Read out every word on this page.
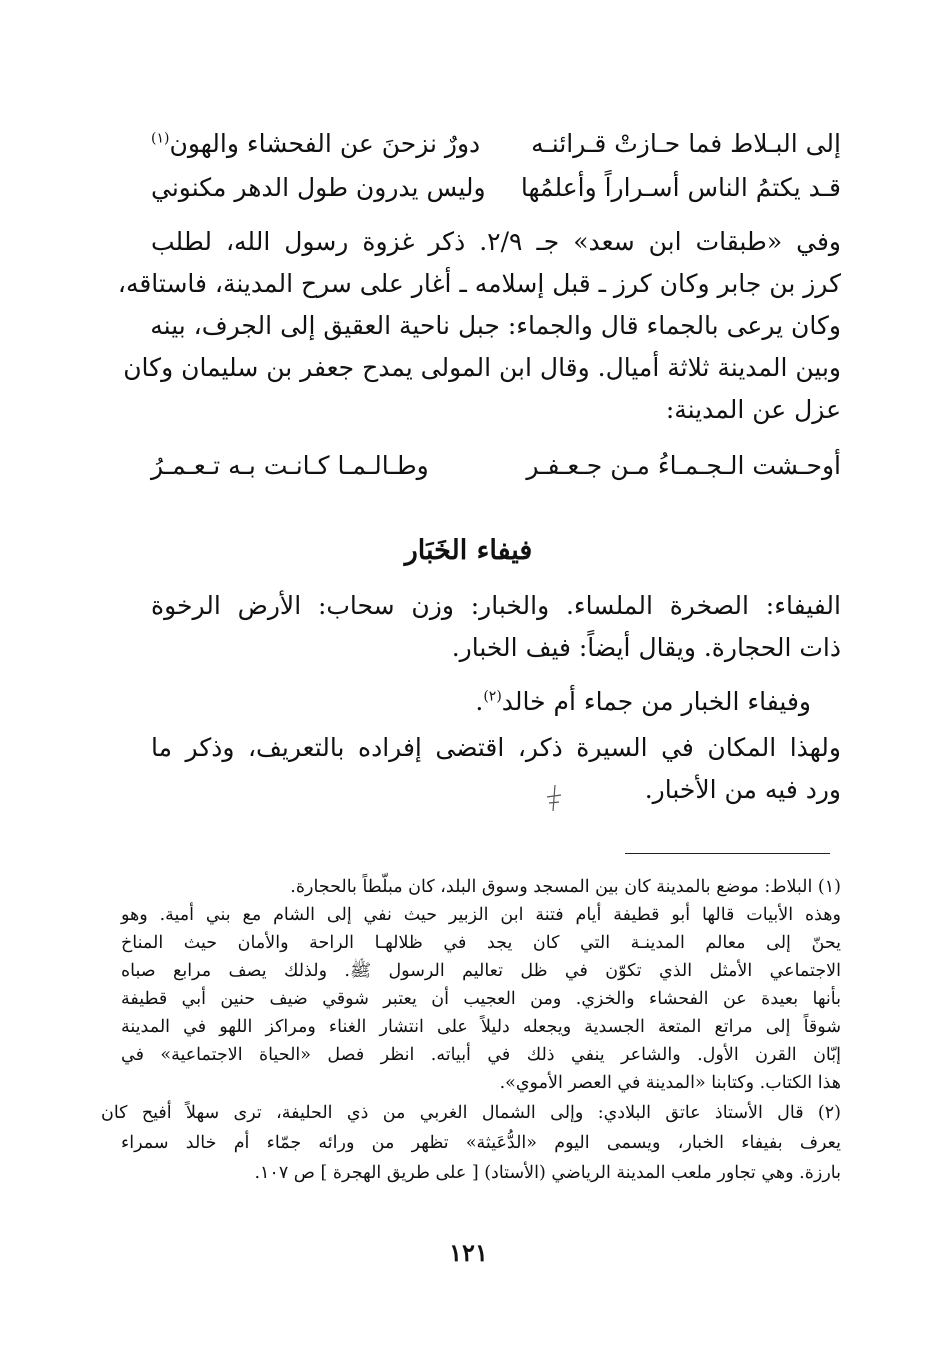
إلى البـلاط فما حـازتْ قـرائنـه
دورٌ نزحنَ عن الفحشاء والهون$^{(١)}$
قـد يكتمُ الناس أسـراراً وأعلمُها
وليس يدرون طول الدهر مكنوني
وفي «طبقات ابن سعد» جـ ٢/٩. ذكر غزوة رسول الله، لطلب
كرز بن جابر وكان كرز ـ قبل إسلامه ـ أغار على سرح المدينة، فاستاقه،
وكان يرعى بالجماء قال والجماء: جبل ناحية العقيق إلى الجرف، بينه
وبين المدينة ثلاثة أميال. وقال ابن المولى يمدح جعفر بن سليمان وكان
عزل عن المدينة:
أوحـشت الـجـمـاءُ مـن جـعـفـر
وطـالـمـا كـانـت بـه تـعـمـرُ
فيفاء الخَبَار
الفيفاء: الصخرة الملساء. والخبار: وزن سحاب: الأرض الرخوة
ذات الحجارة. ويقال أيضاً: فيف الخبار.
وفيفاء الخبار من جماء أم خالد$^{(٢)}$.
ولهذا المكان في السيرة ذكر، اقتضى إفراده بالتعريف، وذكر ما
ورد فيه من الأخبار.
(١) البلاط: موضع بالمدينة كان بين المسجد وسوق البلد، كان مبلّطاً بالحجارة.
وهذه الأبيات قالها أبو قطيفة أيام فتنة ابن الزبير حيث نفي إلى الشام مع بني أمية. وهو
يحنّ إلى معالم المدينـة التي كان يجد في ظلالهـا الراحة والأمان حيث المناخ
الاجتماعي الأمثل الذي تكوّن في ظل تعاليم الرسول ﷺ. ولذلك يصف مرابع صباه
بأنها بعيدة عن الفحشاء والخزي. ومن العجيب أن يعتبر شوقي ضيف حنين أبي قطيفة
شوقاً إلى مراتع المتعة الجسدية ويجعله دليلاً على انتشار الغناء ومراكز اللهو في المدينة
إبّان القرن الأول. والشاعر ينفي ذلك في أبياته. انظر فصل «الحياة الاجتماعية» في
هذا الكتاب. وكتابنا «المدينة في العصر الأموي».
(٢) قال الأستاذ عاتق البلادي: وإلى الشمال الغربي من ذي الحليفة، ترى سهلاً أفيح كان
يعرف بفيفاء الخبار، ويسمى اليوم «الدُّعَيثة» تظهر من ورائه جمّاء أم خالد سمراء
بارزة. وهي تجاور ملعب المدينة الرياضي (الأستاد) [ على طريق الهجرة ] ص ١٠٧.
١٢١
